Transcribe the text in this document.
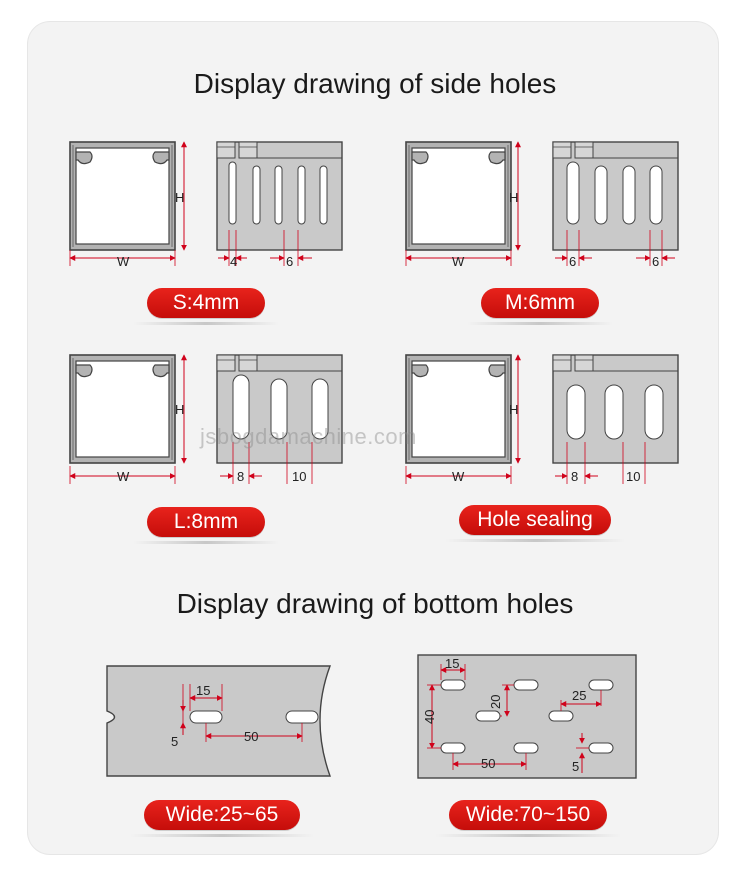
Display drawing of side holes
Display drawing of bottom holes
H
W	4	6
H
W	6	6
H
W	8	10
H
W	8	10
15
5	50
15
40
20	25
50	5
jsbogdamachine.com
S:4mm	M:6mm
L:8mm	Hole sealing
Wide:25~65	Wide:70~150
